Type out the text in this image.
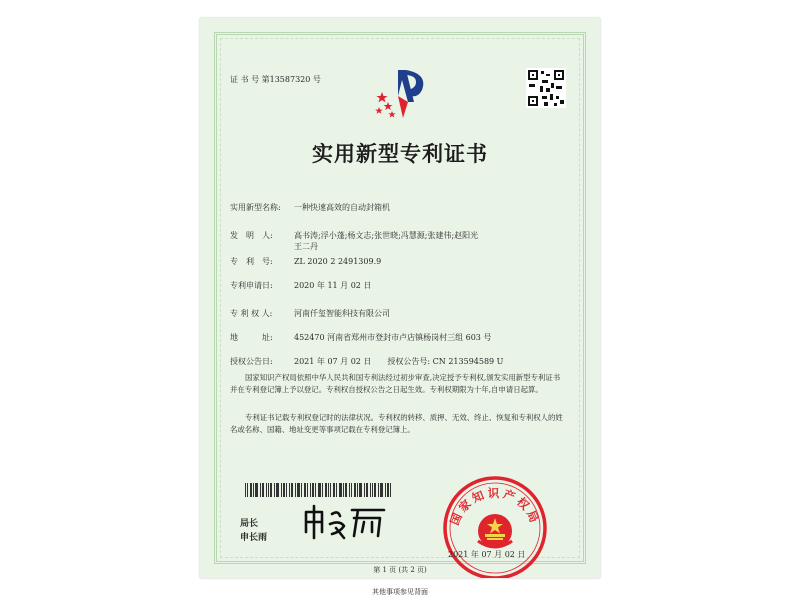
证 书 号 第13587320 号
实用新型专利证书
实用新型名称:	一种快速高效的自动封箱机
发　明　人:	高书涛;浮小蓬;杨文志;张世晓;冯慧源;张建伟;赵阳光
王二丹
专　利　号:	ZL 2020 2 2491309.9
专利申请日:	2020 年 11 月 02 日
专 利 权 人:	河南仟玺智能科技有限公司
地　　　址:	452470 河南省郑州市登封市卢店镇杨岗村三组 603 号
授权公告日:	2021 年 07 月 02 日　　授权公告号: CN 213594589 U
国家知识产权局依照中华人民共和国专利法经过初步审查,决定授予专利权,颁发实用新型专利证书并在专利登记簿上予以登记。专利权自授权公告之日起生效。专利权期限为十年,自申请日起算。
专利证书记载专利权登记时的法律状况。专利权的转移、质押、无效、终止、恢复和专利权人的姓名或名称、国籍、地址变更等事项记载在专利登记簿上。
局长
申长雨
国家知识产权局
2021 年 07 月 02 日
第 1 页 (共 2 页)
其他事项参见背面
